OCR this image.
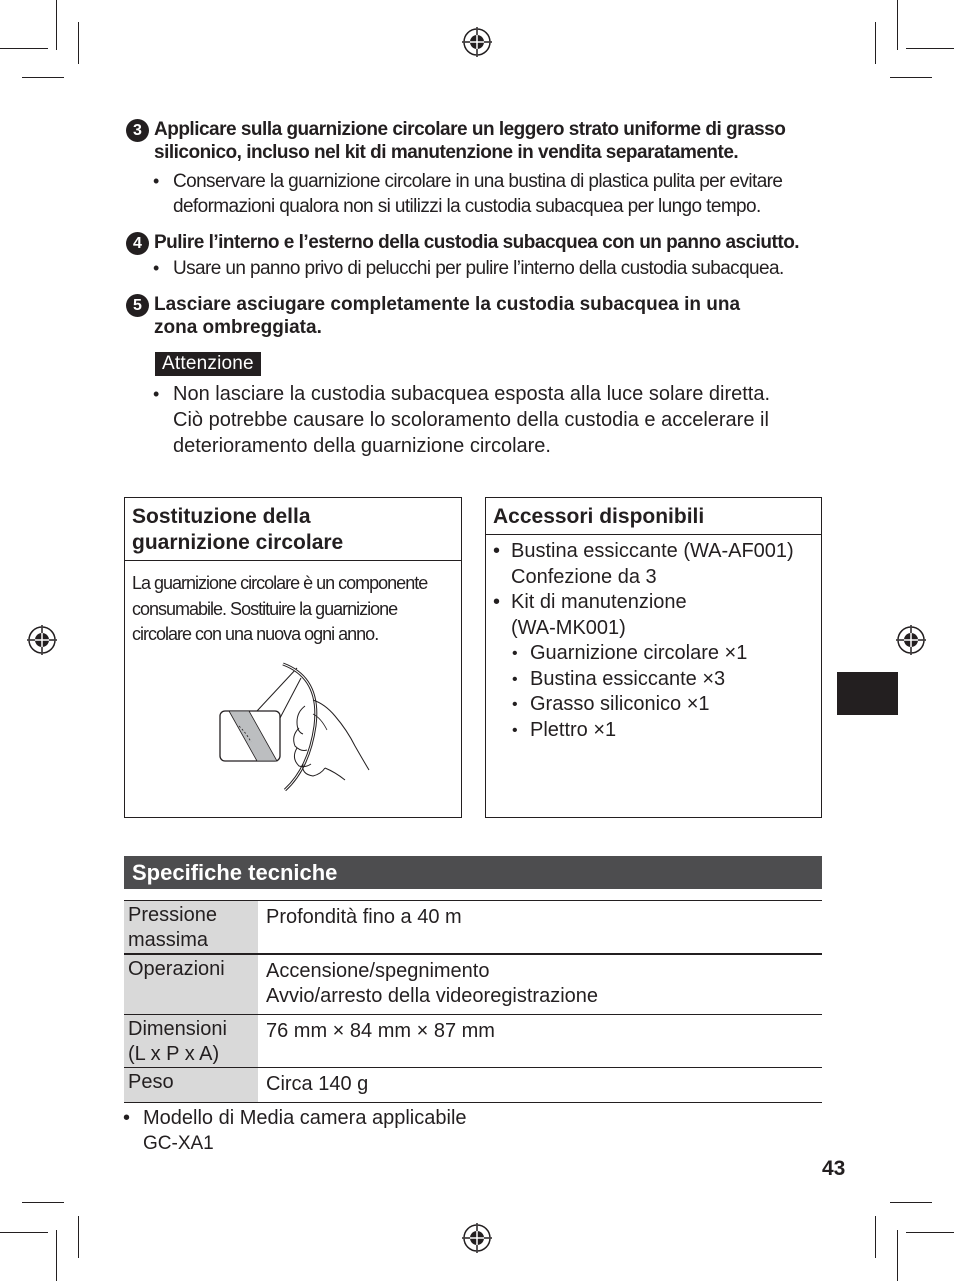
3 Applicare sulla guarnizione circolare un leggero strato uniforme di grasso
siliconico, incluso nel kit di manutenzione in vendita separatamente.
• Conservare la guarnizione circolare in una bustina di plastica pulita per evitare
deformazioni qualora non si utilizzi la custodia subacquea per lungo tempo.
4 Pulire l’interno e l’esterno della custodia subacquea con un panno asciutto.
• Usare un panno privo di pelucchi per pulire l’interno della custodia subacquea.
5 Lasciare asciugare completamente la custodia subacquea in una
zona ombreggiata.
Attenzione
• Non lasciare la custodia subacquea esposta alla luce solare diretta.
Ciò potrebbe causare lo scoloramento della custodia e accelerare il
deterioramento della guarnizione circolare.
Sostituzione della
guarnizione circolare
La guarnizione circolare è un componente
consumabile. Sostituire la guarnizione
circolare con una nuova ogni anno.
Accessori disponibili
• Bustina essiccante (WA-AF001)
Confezione da 3
• Kit di manutenzione
(WA-MK001)
• Guarnizione circolare ×1
• Bustina essiccante ×3
• Grasso siliconico ×1
• Plettro ×1
Specifiche tecniche
Pressione
massima	Profondità fino a 40 m

Operazioni	Accensione/spegnimento
Avvio/arresto della videoregistrazione

Dimensioni
(L x P x A)	76 mm × 84 mm × 87 mm

Peso	Circa 140 g
• Modello di Media camera applicabile
GC-XA1
43
